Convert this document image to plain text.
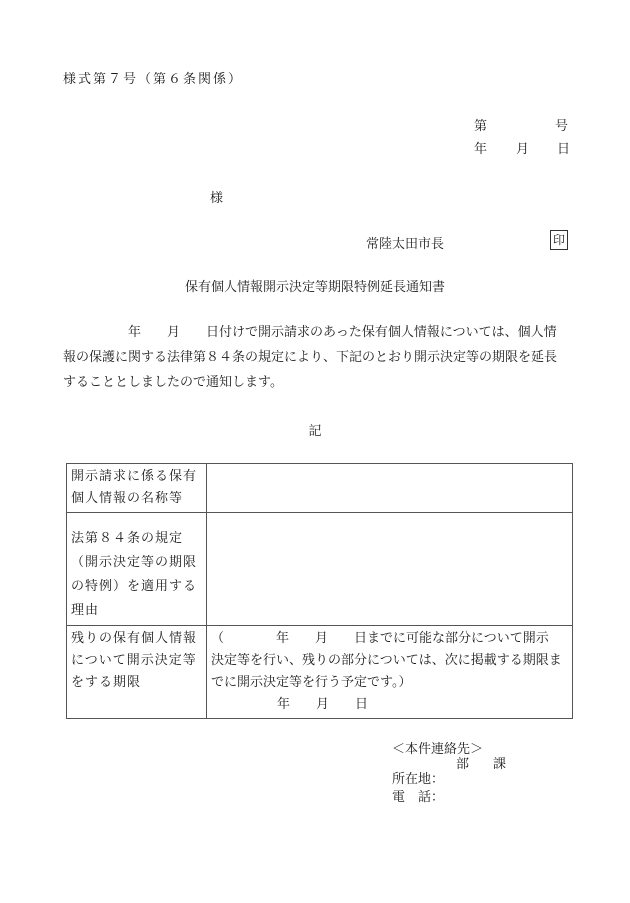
様式第７号（第６条関係）
第	号
年 月 日
様
常陸太田市長	印
保有個人情報開示決定等期限特例延長通知書
　　　　　年　　月　　日付けで開示請求のあった保有個人情報については、個人情
報の保護に関する法律第８４条の規定により、下記のとおり開示決定等の期限を延長
することとしましたので通知します。
記
開示請求に係る保有個人情報の名称等	
法第８４条の規定（開示決定等の期限の特例）を適用する理由	
残りの保有個人情報について開示決定等をする期限	（　　　　年　　月　　日までに可能な部分について開示
決定等を行い、残りの部分については、次に掲載する期限ま
でに開示決定等を行う予定です。）
年　　月　　日
＜本件連絡先＞
部 課
所在地：
電　話：
